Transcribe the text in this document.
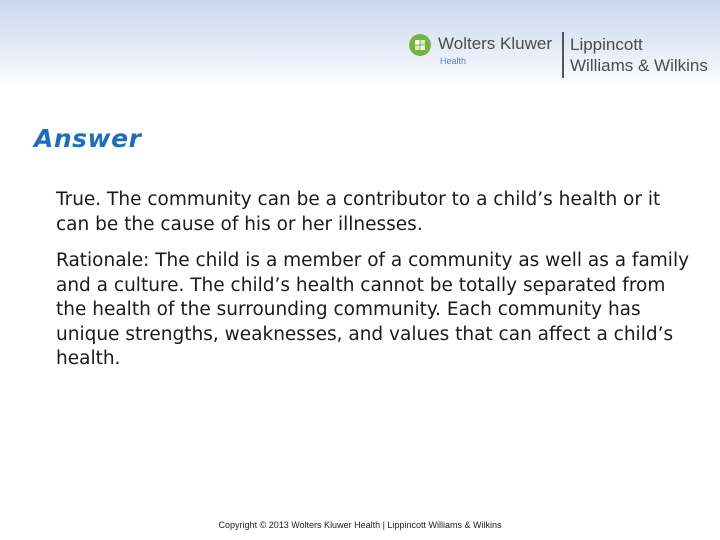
Wolters Kluwer
Health
Lippincott
Williams & Wilkins
Answer

True. The community can be a contributor to a child’s health or it can be the cause of his or her illnesses.

Rationale: The child is a member of a community as well as a family and a culture. The child’s health cannot be totally separated from the health of the surrounding community. Each community has unique strengths, weaknesses, and values that can affect a child’s health.

Copyright © 2013 Wolters Kluwer Health | Lippincott Williams & Wilkins
